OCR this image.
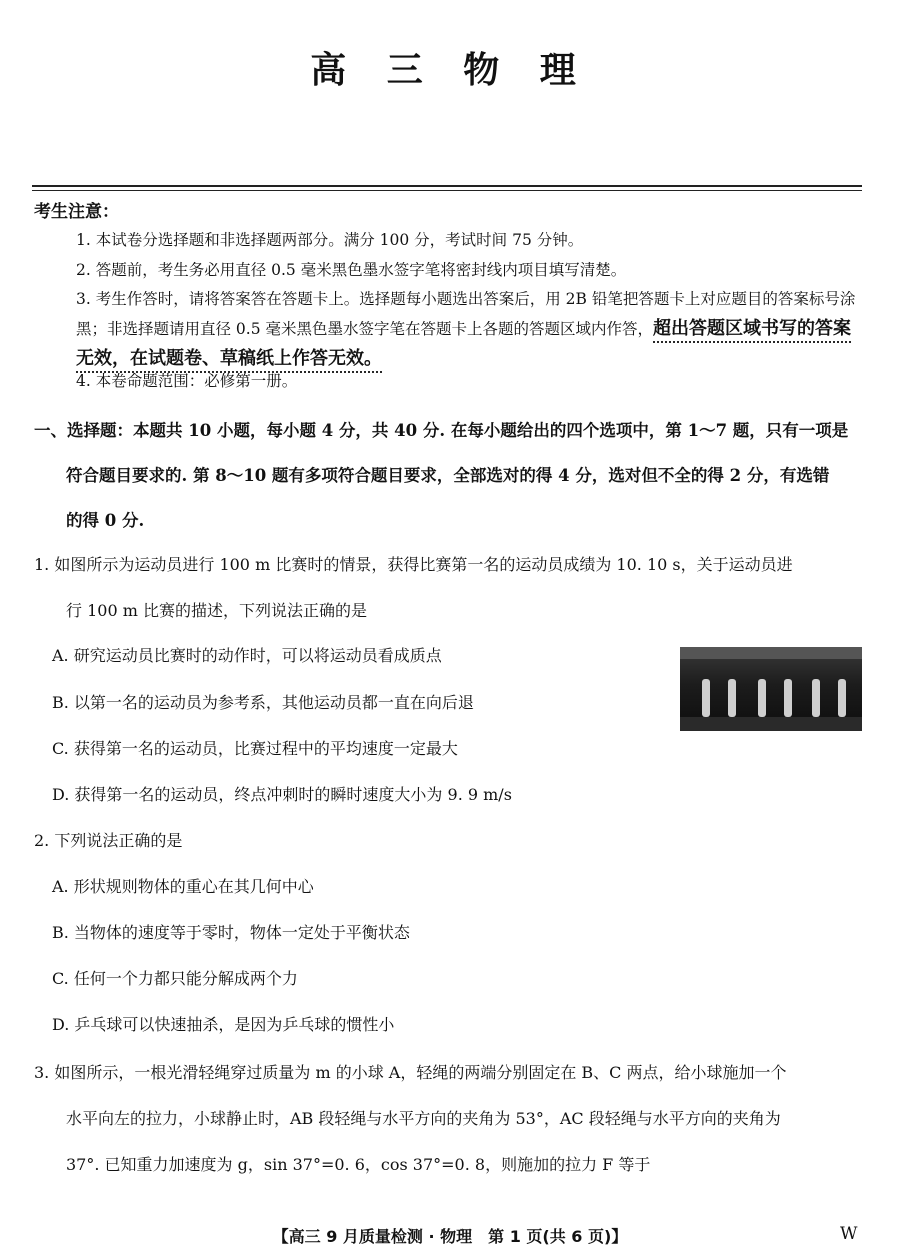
高 三 物 理
考生注意：
1. 本试卷分选择题和非选择题两部分。满分 100 分，考试时间 75 分钟。
2. 答题前，考生务必用直径 0.5 毫米黑色墨水签字笔将密封线内项目填写清楚。
3. 考生作答时，请将答案答在答题卡上。选择题每小题选出答案后，用 2B 铅笔把答题卡上对应题目的答案标号涂黑；非选择题请用直径 0.5 毫米黑色墨水签字笔在答题卡上各题的答题区域内作答，超出答题区域书写的答案无效，在试题卷、草稿纸上作答无效。
4. 本卷命题范围：必修第一册。
一、选择题：本题共 10 小题，每小题 4 分，共 40 分. 在每小题给出的四个选项中，第 1～7 题，只有一项是
符合题目要求的. 第 8～10 题有多项符合题目要求，全部选对的得 4 分，选对但不全的得 2 分，有选错
的得 0 分.
1. 如图所示为运动员进行 100 m 比赛时的情景，获得比赛第一名的运动员成绩为 10. 10 s，关于运动员进
行 100 m 比赛的描述，下列说法正确的是
A. 研究运动员比赛时的动作时，可以将运动员看成质点
B. 以第一名的运动员为参考系，其他运动员都一直在向后退
C. 获得第一名的运动员，比赛过程中的平均速度一定最大
D. 获得第一名的运动员，终点冲刺时的瞬时速度大小为 9. 9 m/s
2. 下列说法正确的是
A. 形状规则物体的重心在其几何中心
B. 当物体的速度等于零时，物体一定处于平衡状态
C. 任何一个力都只能分解成两个力
D. 乒乓球可以快速抽杀，是因为乒乓球的惯性小
3. 如图所示，一根光滑轻绳穿过质量为 m 的小球 A，轻绳的两端分别固定在 B、C 两点，给小球施加一个
水平向左的拉力，小球静止时，AB 段轻绳与水平方向的夹角为 53°，AC 段轻绳与水平方向的夹角为
37°. 已知重力加速度为 g，sin 37°=0. 6，cos 37°=0. 8，则施加的拉力 F 等于
【高三 9 月质量检测 · 物理　第 1 页(共 6 页)】	W
